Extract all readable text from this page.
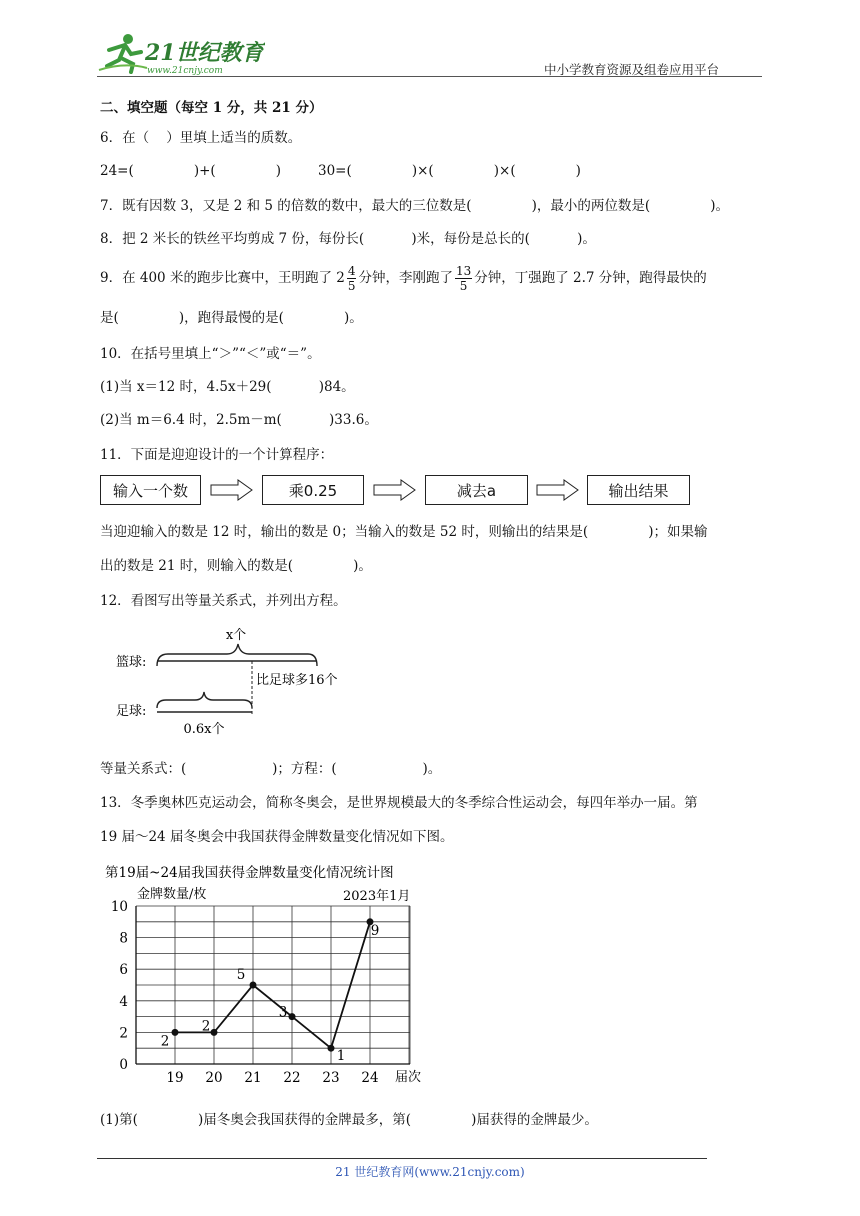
21世纪教育
www.21cnjy.com	中小学教育资源及组卷应用平台
二、填空题（每空 1 分，共 21 分）
6．在（    ）里填上适当的质数。
24=(              )+(              )	30=(              )×(              )×(              )
7．既有因数 3，又是 2 和 5 的倍数的数中，最大的三位数是(              )，最小的两位数是(              )。
8．把 2 米长的铁丝平均剪成 7 份，每份长(           )米，每份是总长的(           )。
9．在 400 米的跑步比赛中，王明跑了 $2 \frac{4}{5}$ 分钟，李刚跑了 $\frac{13}{5}$ 分钟，丁强跑了 2.7 分钟，跑得最快的
是(              )，跑得最慢的是(              )。
10．在括号里填上“＞”“＜”或“＝”。
(1)当 x＝12 时，4.5x＋29(           )84。
(2)当 m＝6.4 时，2.5m－m(           )33.6。
11．下面是迎迎设计的一个计算程序：
输入一个数	乘0.25	减去a	输出结果
当迎迎输入的数是 12 时，输出的数是 0；当输入的数是 52 时，则输出的结果是(              )；如果输
出的数是 21 时，则输入的数是(              )。
12．看图写出等量关系式，并列出方程。
x个
篮球:
比足球多16个
足球:
0.6x个
等量关系式：(                    )；方程：(                    )。
13．冬季奥林匹克运动会，简称冬奥会，是世界规模最大的冬季综合性运动会，每四年举办一届。第
19 届～24 届冬奥会中我国获得金牌数量变化情况如下图。
第19届~24届我国获得金牌数量变化情况统计图
金牌数量/枚	2023年1月
届次
0
2
4
6
8
10
19 20 21 22 23 24
2
2
5
3
1
9
(1)第(              )届冬奥会我国获得的金牌最多，第(              )届获得的金牌最少。
21 世纪教育网(www.21cnjy.com)
